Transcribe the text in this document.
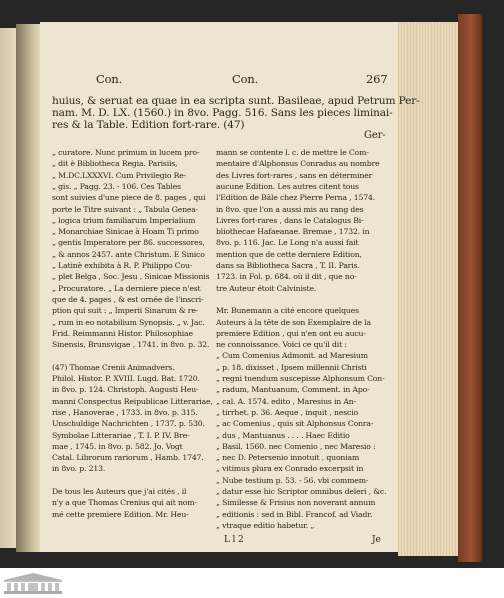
Con.	Con.	267
huius, & seruat ea quae in ea scripta sunt. Basileae, apud Petrum Per-
nam. M. D. LX. (1560.) in 8vo. Pagg. 516. Sans les pieces liminai-
res & la Table. Edition fort-rare. (47)
Ger-
„ curatore. Nunc primum in lucem pro-
„ dit è Bibliotheca Regia. Parisiis,
„ M.DC.LXXXVI. Cum Privilegio Re-
„ gis. „ Pagg. 23. - 106. Ces Tables
sont suivies d'une piece de 8. pages , qui
porte le Titre suivant : „ Tabula Genea-
„ logica trium familiarum Imperialium
„ Monarchiae Sinicae à Hoam Ti primo
„ gentis Imperatore per 86. successores,
„ & annos 2457. ante Christum. E Sinico
„ Latinè exhibita à R. P. Philippo Cou-
„ plet Belga , Soc. Jesu , Sinicae Missionis
„ Procuratore. „ La derniere piece n'est
que de 4. pages , & est ornée de l'inscri-
ption qui suit : „ Imperii Sinarum & re-
„ rum in eo notabilium Synopsis. „ v. Jac.
Frid. Reimmanni Histor. Philosophiae
Sinensis, Brunsvigae , 1741. in 8vo. p. 32.
(47) Thomae Crenii Animadvers.
Philol. Histor. P. XVIII. Lugd. Bat. 1720.
in 8vo. p. 124. Christoph. Augusti Heu-
manni Conspectus Reipublicae Litterariae,
rise , Hanoverae , 1733. in 8vo. p. 315.
Unschuldige Nachrichten , 1737. p. 530.
Symbolae Litterariae , T. I. P. IV. Bre-
mae , 1745. in 8vo. p. 582. Jo. Vogt
Catal. Librorum rariorum , Hamb. 1747.
in 8vo. p. 213.
De tous les Auteurs que j'ai cités , il
n'y a que Thomas Crenius qui ait nom-
mé cette premiere Edition. Mr. Heu-
mann se contente l. c. de mettre le Com-
mentaire d'Alphonsus Conradus au nombre
des Livres fort-rares , sans en déterminer
aucune Edition. Les autres citent tous
l'Edition de Bâle chez Pierre Perna , 1574.
in 8vo. que l'on a aussi mis au rang des
Livres fort-rares , dans le Catalogus Bi-
bliothecae Hafaeanae. Bremae , 1732. in
8vo. p. 116. Jac. Le Long n'a aussi fait
mention que de cette derniere Edition,
dans sa Bibliotheca Sacra , T. II. Paris.
1723. in Fol. p. 684. où il dit , que no-
tre Auteur étoit Calviniste.
Mr. Bunemann a cité encore quelques
Auteurs à la tête de son Exemplaire de la
premiere Edition , qui n'en ont eu aucu-
ne connoissance. Voici ce qu'il dit :
„ Cum Comenius Admonit. ad Maresium
„ p. 18. dixisset , Ipsem millennii Christi
„ regni tuendum suscepisse Alphonsum Con-
„ radum, Mantuanum, Comment. in Apo-
„ cal. A. 1574. edito , Maresius in An-
„ tirrhet. p. 36. Aeque , inquit , nescio
„ ac Comenius , quis sit Alphonsus Conra-
„ dus , Mantuanus . . . . Haec Editio
„ Basil. 1560. nec Comenio , nec Maresio :
„ nec D. Petersenio innotuit , quoniam
„ vitimus plura ex Conrado excerpsit in
„ Nube testium p. 53. - 56. vbi commem-
„ datur esse hic Scriptor omnibus deleri , &c.
„ Similesse & Frisius non noverant annum
„ editionis : sed in Bibl. Francof. ad Viadr.
„ vtraque editio habetur. „
L l 2	Je
